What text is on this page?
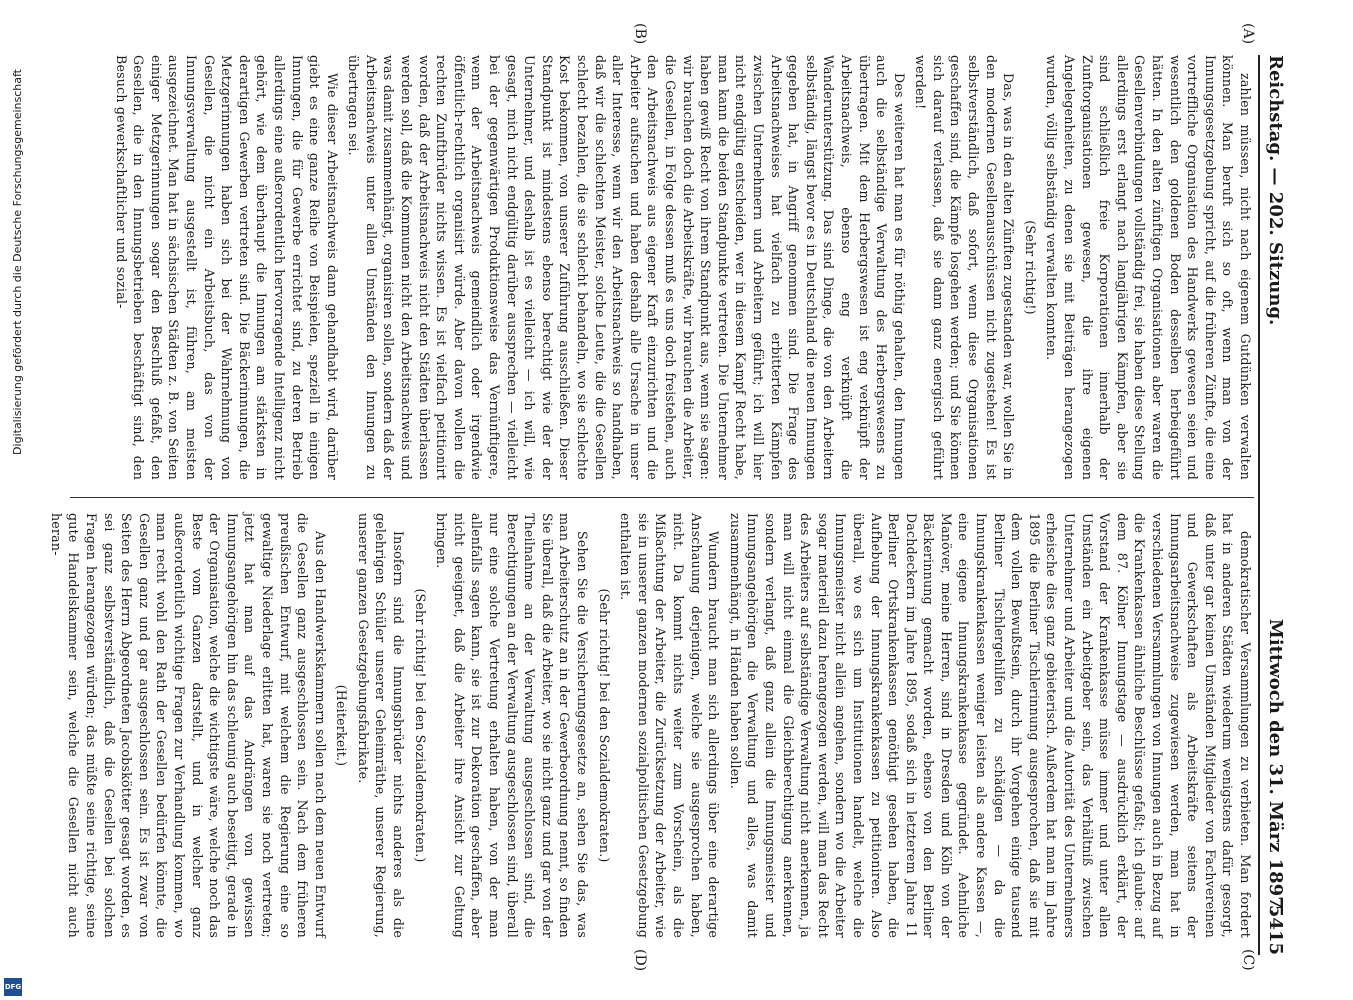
Reichstag. — 202. Sitzung.
Mittwoch den 31. März 1897.
5415
(A)
(B)
(C)
(D)

zahlen müssen, nicht nach eigenem Gutdünken verwalten können. Man beruft sich so oft, wenn man von der Innungsgesetzgebung spricht, auf die früheren Zünfte, die eine vortreffliche Organisation des Handwerks gewesen seien und wesentlich den goldenen Boden desselben herbeigeführt hätten. In den alten zünftigen Organisationen aber waren die Gesellenverbindungen vollständig frei, sie haben diese Stellung allerdings erst erlangt nach langjährigen Kämpfen, aber sie sind schließlich freie Korporationen innerhalb der Zunftorganisationen gewesen, die ihre eigenen Angelegenheiten, zu denen sie mit Beiträgen herangezogen wurden, völlig selbständig verwalten konnten.

(Sehr richtig!)

Das, was in den alten Zünften zugestanden war, wollen Sie in den modernen Gesellenausschüssen nicht zugestehen! Es ist selbstverständlich, daß sofort, wenn diese Organisationen geschaffen sind, die Kämpfe losgehen werden; und Sie können sich darauf verlassen, daß sie dann ganz energisch geführt werden!

Des weiteren hat man es für nöthig gehalten, den Innungen auch die selbständige Verwaltung des Herbergswesens zu übertragen. Mit dem Herbergswesen ist eng verknüpft der Arbeitsnachweis, ebenso eng verknüpft die Wanderunterstützung. Das sind Dinge, die von den Arbeitern selbständig, längst bevor es in Deutschland die neuen Innungen gegeben hat, in Angriff genommen sind. Die Frage des Arbeitsnachweises hat vielfach zu erbitterten Kämpfen zwischen Unternehmern und Arbeitern geführt; ich will hier nicht endgültig entscheiden, wer in diesem Kampf Recht habe, man kann die beiden Standpunkte vertreten. Die Unternehmer haben gewiß Recht von ihrem Standpunkt aus, wenn sie sagen: wir brauchen doch die Arbeitskräfte, wir brauchen die Arbeiter, die Gesellen, in Folge dessen muß es uns doch freistehen, auch den Arbeitsnachweis aus eigener Kraft einzurichten und die Arbeiter aufsuchen und haben deshalb alle Ursache in unser aller Interesse, wenn wir den Arbeitsnachweis so handhaben, daß wir die schlechten Meister, solche Leute, die die Gesellen schlecht bezahlen, die sie schlecht behandeln, wo sie schlechte Kost bekommen, von unserer Zuführung ausschließen. Dieser Standpunkt ist mindestens ebenso berechtigt wie der der Unternehmer, und deshalb ist es vielleicht — ich will, wie gesagt, mich nicht endgültig darüber aussprechen — vielleicht bei der gegenwärtigen Produktionsweise das Vernünftigere, wenn der Arbeitsnachweis gemeindlich oder irgendwie öffentlich-rechtlich organisirt würde. Aber davon wollen die rechten Zunftbrüder nichts wissen. Es ist vielfach petitionirt worden, daß der Arbeitsnachweis nicht den Städten überlassen werden soll, daß die Kommunen nicht den Arbeitsnachweis und was damit zusammenhängt, organisiren sollen, sondern daß der Arbeitsnachweis unter allen Umständen den Innungen zu übertragen sei.

Wie dieser Arbeitsnachweis dann gehandhabt wird, darüber giebt es eine ganze Reihe von Beispielen, speziell in einigen Innungen, die für Gewerbe errichtet sind, zu deren Betrieb allerdings eine außerordentlich hervorragende Intelligenz nicht gehört, wie dem überhaupt die Innungen am stärksten in derartigen Gewerben vertreten sind. Die Bäckerinnungen, die Metzgerinnungen haben sich bei der Wahrnehmung von Gesellen, die nicht ein Arbeitsbuch, das von der Innungsverwaltung ausgestellt ist, führen, am meisten ausgezeichnet. Man hat in sächsischen Städten z. B. von Seiten einiger Metzgerinnungen sogar den Beschluß gefaßt, den Gesellen, die in den Innungsbetrieben beschäftigt sind, den Besuch gewerkschaftlicher und sozial-

demokratischer Versammlungen zu verbieten. Man fordert hat in anderen Städten wiederum wenigstens dafür gesorgt, daß unter gar keinen Umständen Mitglieder von Fachvereinen und Gewerkschaften als Arbeitskräfte seitens der Innungsarbeitsnachweise zugewiesen werden, man hat in verschiedenen Versammlungen von Innungen auch in Bezug auf die Krankenkassen ähnliche Beschlüsse gefaßt; ich glaube: auf dem 87. Kölner Innungstage — ausdrücklich erklärt, der Vorstand der Krankenkasse müsse immer und unter allen Umständen ein Arbeitgeber sein, das Verhältniß zwischen Unternehmer und Arbeiter und die Autorität des Unternehmers erheische dies ganz gebieterisch. Außerdem hat man im Jahre 1895 die Berliner Tischlerinnung ausgesprochen, daß sie mit dem vollen Bewußtsein, durch ihr Vorgehen einige tausend Berliner Tischlergehilfen zu schädigen — da die Innungskrankenkassen weniger leisten als andere Kassen —, eine eigene Innungskrankenkasse gegründet. Aehnliche Manöver, meine Herren, sind in Dresden und Köln von der Bäckerinnung gemacht worden, ebenso von den Berliner Dachdeckern im Jahre 1895, sodaß sich in letzterem Jahre 11 Berliner Ortskrankenkassen genöthigt gesehen haben, die Aufhebung der Innungskrankenkassen zu petitioniren. Also überall, wo es sich um Institutionen handelt, welche die Innungsmeister nicht allein angehen, sondern wo die Arbeiter sogar materiell dazu herangezogen werden, will man das Recht des Arbeiters auf selbständige Verwaltung nicht anerkennen, ja man will nicht einmal die Gleichberechtigung anerkennen, sondern verlangt, daß ganz allein die Innungsmeister und Innungsangehörigen die Verwaltung und alles, was damit zusammenhängt, in Händen haben sollen.

Wundern braucht man sich allerdings über eine derartige Anschauung derjenigen, welche sie ausgesprochen haben, nicht. Da kommt nichts weiter zum Vorschein, als die Mißachtung der Arbeiter, die Zurücksetzung der Arbeiter, wie sie in unserer ganzen modernen sozialpolitischen Gesetzgebung enthalten ist.

(Sehr richtig! bei den Sozialdemokraten.)

Sehen Sie die Versicherungsgesetze an, sehen Sie das, was man Arbeiterschutz an in der Gewerbeordnung nennt, so finden Sie überall, daß die Arbeiter, wo sie nicht ganz und gar von der Theilnahme an der Verwaltung ausgeschlossen sind, die Berechtigungen an der Verwaltung ausgeschlossen sind, überall nur eine solche Vertretung erhalten haben, von der man allenfalls sagen kann, sie ist zur Dekoration geschaffen, aber nicht geeignet, daß die Arbeiter ihre Ansicht zur Geltung bringen.

(Sehr richtig! bei den Sozialdemokraten.)

Insofern sind die Innungsbrüder nichts anderes als die gelehrigen Schüler unserer Geheimräthe, unserer Regierung, unserer ganzen Gesetzgebungsfabrikate.

(Heiterkeit.)

Aus den Handwerkskammern sollen nach dem neuen Entwurf die Gesellen ganz ausgeschlossen sein. Nach dem früheren preußischen Entwurf, mit welchem die Regierung eine so gewaltige Niederlage erlitten hat, waren sie noch vertreten; jetzt hat man auf das Andrängen von gewissen Innungsangehörigen hin das schleunig auch beseitigt, gerade in der Organisation, welche die wichtigste wäre, welche noch das Beste vom Ganzen darstellt, und in welcher ganz außerordentlich wichtige Fragen zur Verhandlung kommen, wo man recht wohl den Rath der Gesellen bedürfen könnte, die Gesellen ganz und gar ausgeschlossen sein. Es ist zwar von Seiten des Herrn Abgeordneten Jacobskötter gesagt worden, es sei ganz selbstverständlich, daß die Gesellen bei solchen Fragen herangezogen würden; das müßte seine richtige, seine gute Handelskammer sein, welche die Gesellen nicht auch heran-

Digitalisierung gefördert durch die Deutsche Forschungsgemeinschaft
DFG
